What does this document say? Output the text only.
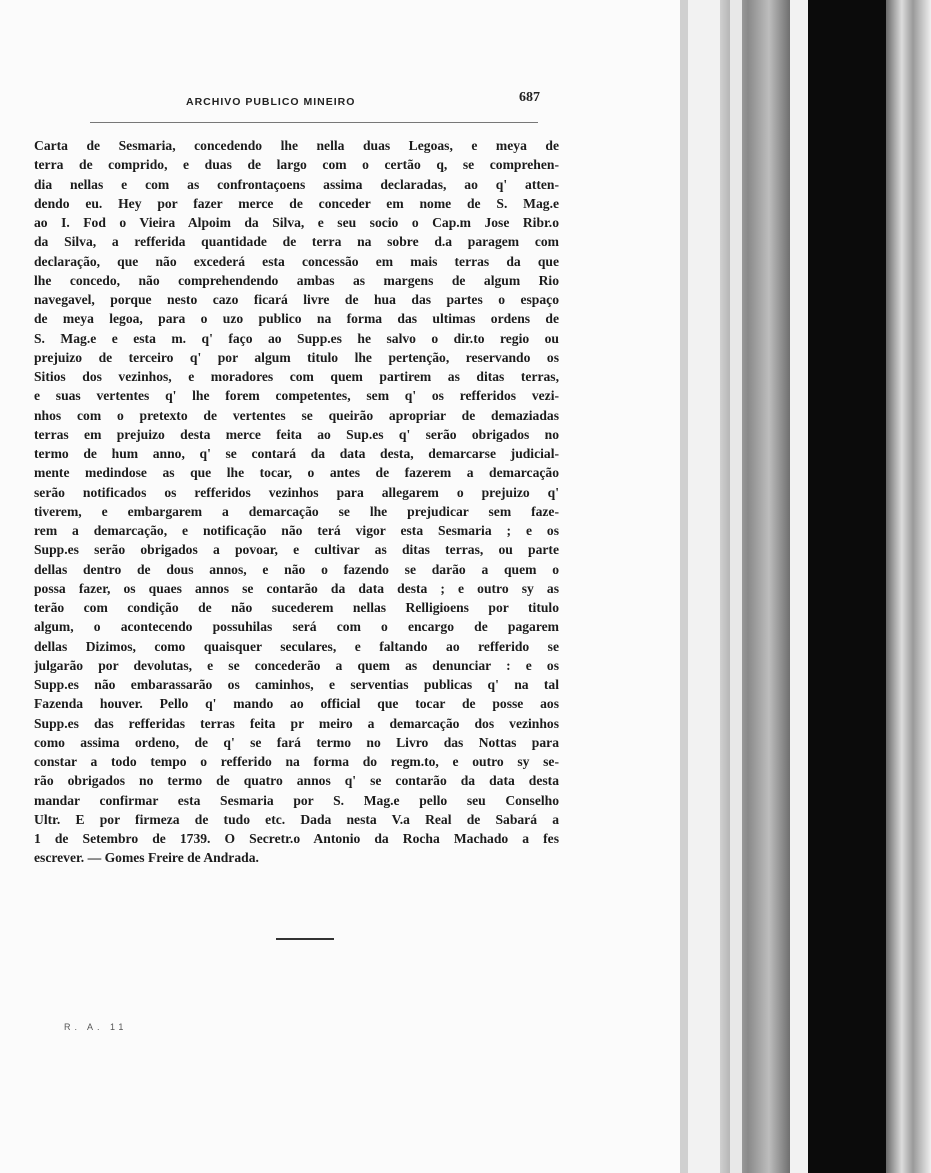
ARCHIVO PUBLICO MINEIRO	687
Carta de Sesmaria, concedendo lhe nella duas Legoas, e meya de
terra de comprido, e duas de largo com o certão q, se comprehen-
dia nellas e com as confrontaçoens assima declaradas, ao q' atten-
dendo eu. Hey por fazer merce de conceder em nome de S. Mag.e
ao I. Fod o Vieira Alpoim da Silva, e seu socio o Cap.m Jose Ribr.o
da Silva, a refferida quantidade de terra na sobre d.a paragem com
declaração, que não excederá esta concessão em mais terras da que
lhe concedo, não comprehendendo ambas as margens de algum Rio
navegavel, porque nesto cazo ficará livre de hua das partes o espaço
de meya legoa, para o uzo publico na forma das ultimas ordens de
S. Mag.e e esta m. q' faço ao Supp.es he salvo o dir.to regio ou
prejuizo de terceiro q' por algum titulo lhe pertenção, reservando os
Sitios dos vezinhos, e moradores com quem partirem as ditas terras,
e suas vertentes q' lhe forem competentes, sem q' os refferidos vezi-
nhos com o pretexto de vertentes se queirão apropriar de demaziadas
terras em prejuizo desta merce feita ao Sup.es q' serão obrigados no
termo de hum anno, q' se contará da data desta, demarcarse judicial-
mente medindose as que lhe tocar, o antes de fazerem a demarcação
serão notificados os refferidos vezinhos para allegarem o prejuizo q'
tiverem, e embargarem a demarcação se lhe prejudicar sem faze-
rem a demarcação, e notificação não terá vigor esta Sesmaria ; e os
Supp.es serão obrigados a povoar, e cultivar as ditas terras, ou parte
dellas dentro de dous annos, e não o fazendo se darão a quem o
possa fazer, os quaes annos se contarão da data desta ; e outro sy as
terão com condição de não sucederem nellas Relligioens por titulo
algum, o acontecendo possuhilas será com o encargo de pagarem
dellas Dizimos, como quaisquer seculares, e faltando ao refferido se
julgarão por devolutas, e se concederão a quem as denunciar : e os
Supp.es não embarassarão os caminhos, e serventias publicas q' na tal
Fazenda houver. Pello q' mando ao official que tocar de posse aos
Supp.es das refferidas terras feita pr meiro a demarcação dos vezinhos
como assima ordeno, de q' se fará termo no Livro das Nottas para
constar a todo tempo o refferido na forma do regm.to, e outro sy se-
rão obrigados no termo de quatro annos q' se contarão da data desta
mandar confirmar esta Sesmaria por S. Mag.e pello seu Conselho
Ultr. E por firmeza de tudo etc. Dada nesta V.a Real de Sabará a
1 de Setembro de 1739. O Secretr.o Antonio da Rocha Machado a fes
escrever. — Gomes Freire de Andrada.
R. A. 11
